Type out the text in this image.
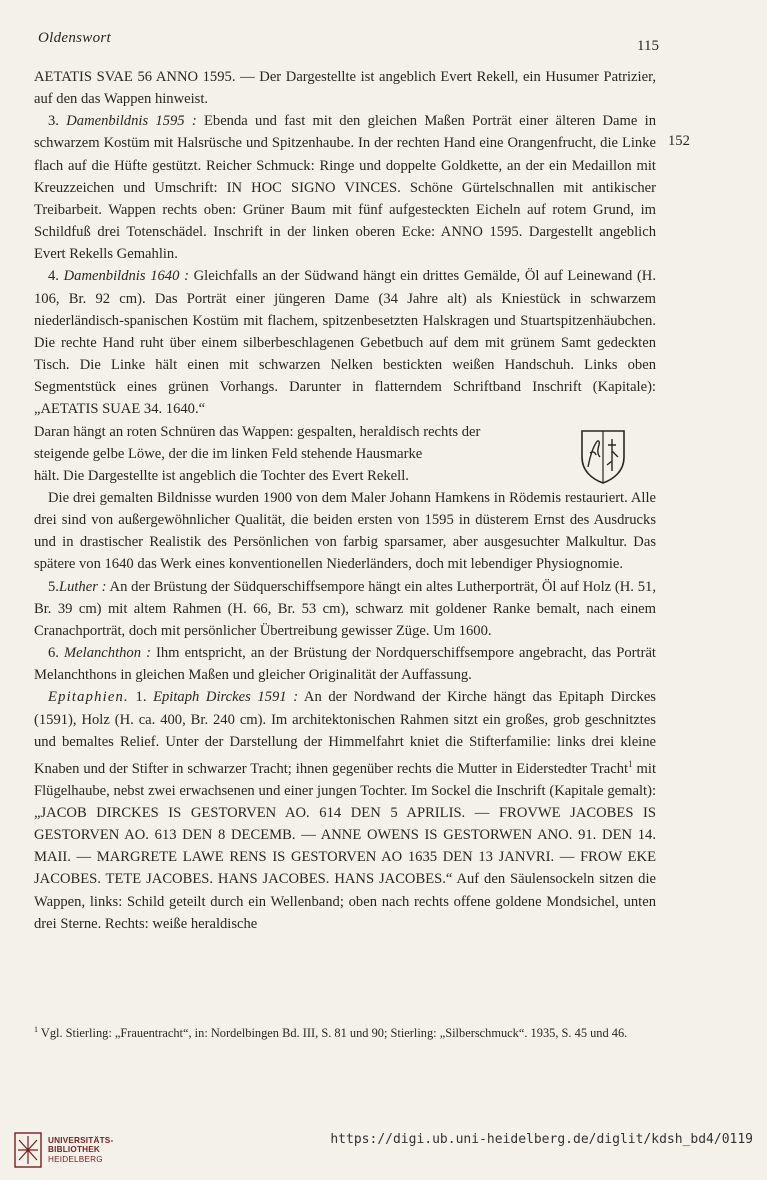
Oldenswort	115
152

AETATIS SVAE 56 ANNO 1595. — Der Dargestellte ist angeblich Evert Rekell, ein Husumer Patrizier, auf den das Wappen hinweist.

3. Damenbildnis 1595 : Ebenda und fast mit den gleichen Maßen Porträt einer älteren Dame in schwarzem Kostüm mit Halsrüsche und Spitzenhaube. In der rechten Hand eine Orangenfrucht, die Linke flach auf die Hüfte gestützt. Reicher Schmuck: Ringe und doppelte Goldkette, an der ein Medaillon mit Kreuzzeichen und Umschrift: IN HOC SIGNO VINCES. Schöne Gürtelschnallen mit antikischer Treibarbeit. Wappen rechts oben: Grüner Baum mit fünf aufgesteckten Eicheln auf rotem Grund, im Schildfuß drei Totenschädel. Inschrift in der linken oberen Ecke: ANNO 1595. Dargestellt angeblich Evert Rekells Gemahlin.

4. Damenbildnis 1640 : Gleichfalls an der Südwand hängt ein drittes Gemälde, Öl auf Leinewand (H. 106, Br. 92 cm). Das Porträt einer jüngeren Dame (34 Jahre alt) als Kniestück in schwarzem niederländisch-spanischen Kostüm mit flachem, spitzenbesetzten Halskragen und Stuartspitzenhäubchen. Die rechte Hand ruht über einem silberbeschlagenen Gebetbuch auf dem mit grünem Samt gedeckten Tisch. Die Linke hält einen mit schwarzen Nelken bestickten weißen Handschuh. Links oben Segmentstück eines grünen Vorhangs. Darunter in flatterndem Schriftband Inschrift (Kapitale): „AETATIS SUAE 34. 1640.“

Daran hängt an roten Schnüren das Wappen: gespalten, heraldisch rechts der

steigende gelbe Löwe, der die im linken Feld stehende Hausmarke

hält. Die Dargestellte ist angeblich die Tochter des Evert Rekell.

Die drei gemalten Bildnisse wurden 1900 von dem Maler Johann Hamkens in Rödemis restauriert. Alle drei sind von außergewöhnlicher Qualität, die beiden ersten von 1595 in düsterem Ernst des Ausdrucks und in drastischer Realistik des Persönlichen von farbig sparsamer, aber ausgesuchter Malkultur. Das spätere von 1640 das Werk eines konventionellen Niederländers, doch mit lebendiger Physiognomie.

5.Luther : An der Brüstung der Südquerschiffsempore hängt ein altes Lutherporträt, Öl auf Holz (H. 51, Br. 39 cm) mit altem Rahmen (H. 66, Br. 53 cm), schwarz mit goldener Ranke bemalt, nach einem Cranachporträt, doch mit persönlicher Übertreibung gewisser Züge. Um 1600.

6. Melanchthon : Ihm entspricht, an der Brüstung der Nordquerschiffsempore angebracht, das Porträt Melanchthons in gleichen Maßen und gleicher Originalität der Auffassung.

Epitaphien. 1. Epitaph Dirckes 1591 : An der Nordwand der Kirche hängt das Epitaph Dirckes (1591), Holz (H. ca. 400, Br. 240 cm). Im architektonischen Rahmen sitzt ein großes, grob geschnitztes und bemaltes Relief. Unter der Darstellung der Himmelfahrt kniet die Stifterfamilie: links drei kleine Knaben und der Stifter in schwarzer Tracht; ihnen gegenüber rechts die Mutter in Eiderstedter Tracht$^1$ mit Flügelhaube, nebst zwei erwachsenen und einer jungen Tochter. Im Sockel die Inschrift (Kapitale gemalt): „JACOB DIRCKES IS GESTORVEN AO. 614 DEN 5 APRILIS. — FROVWE JACOBES IS GESTORVEN AO. 613 DEN 8 DECEMB. — ANNE OWENS IS GESTORWEN ANO. 91. DEN 14. MAII. — MARGRETE LAWE RENS IS GESTORVEN AO 1635 DEN 13 JANVRI. — FROW EKE JACOBES. TETE JACOBES. HANS JACOBES. HANS JACOBES.“ Auf den Säulensockeln sitzen die Wappen, links: Schild geteilt durch ein Wellenband; oben nach rechts offene goldene Mondsichel, unten drei Sterne. Rechts: weiße heraldische

$^1$ Vgl. Stierling: „Frauentracht“, in: Nordelbingen Bd. III, S. 81 und 90; Stierling: „Silberschmuck“. 1935, S. 45 und 46.

UNIVERSITÄTS-
BIBLIOTHEK
HEIDELBERG
https://digi.ub.uni-heidelberg.de/diglit/kdsh_bd4/0119
